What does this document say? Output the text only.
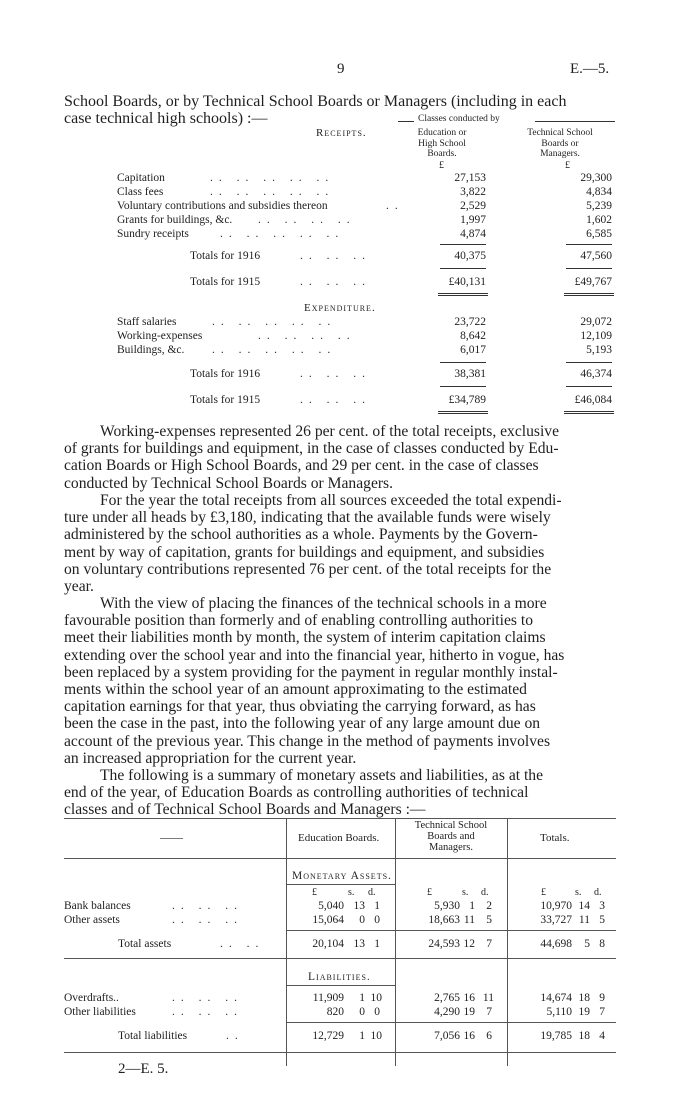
9	E.—5.
School Boards, or by Technical School Boards or Managers (including in each
case technical high schools) :—
Receipts.
Classes conducted by
Education or
High School
Boards.
Technical School
Boards or
Managers.
£	£
Capitation	.. .. .. .. ..	27,153	29,300
Class fees	.. .. .. .. ..	3,822	4,834
Voluntary contributions and subsidies thereon	..	2,529	5,239
Grants for buildings, &c. .. .. .. ..	1,997	1,602
Sundry receipts	.. .. .. .. ..	4,874	6,585
Totals for 1916	.. .. ..	40,375	47,560
Totals for 1915	.. .. ..	£40,131	£49,767
Expenditure.
Staff salaries	.. .. .. .. ..	23,722	29,072
Working-expenses	.. .. .. ..	8,642	12,109
Buildings, &c. .. .. .. .. ..	6,017	5,193
Totals for 1916	.. .. ..	38,381	46,374
Totals for 1915	.. .. ..	£34,789	£46,084
Working-expenses represented 26 per cent. of the total receipts, exclusive
of grants for buildings and equipment, in the case of classes conducted by Edu-
cation Boards or High School Boards, and 29 per cent. in the case of classes
conducted by Technical School Boards or Managers.
For the year the total receipts from all sources exceeded the total expendi-
ture under all heads by £3,180, indicating that the available funds were wisely
administered by the school authorities as a whole. Payments by the Govern-
ment by way of capitation, grants for buildings and equipment, and subsidies
on voluntary contributions represented 76 per cent. of the total receipts for the
year.
With the view of placing the finances of the technical schools in a more
favourable position than formerly and of enabling controlling authorities to
meet their liabilities month by month, the system of interim capitation claims
extending over the school year and into the financial year, hitherto in vogue, has
been replaced by a system providing for the payment in regular monthly instal-
ments within the school year of an amount approximating to the estimated
capitation earnings for that year, thus obviating the carrying forward, as has
been the case in the past, into the following year of any large amount due on
account of the previous year. This change in the method of payments involves
an increased appropriation for the current year.
The following is a summary of monetary assets and liabilities, as at the
end of the year, of Education Boards as controlling authorities of technical
classes and of Technical School Boards and Managers :—
——	Education Boards.
Technical School
Boards and
Managers.
Totals.
Monetary Assets.
£	s. d.	£	s. d.	£	s. d.
Bank balances	.. .. ..	5,040 13 1	5,930 1 2	10,970 14 3
Other assets	.. .. ..	15,064 0 0	18,663 11 5	33,727 11 5
Total assets	.. ..	20,104 13 1	24,593 12 7	44,698 5 8
Liabilities.
Overdrafts..	.. .. ..	11,909 1 10	2,765 16 11	14,674 18 9
Other liabilities	.. .. ..	820 0 0	4,290 19 7	5,110 19 7
Total liabilities	..	12,729 1 10	7,056 16 6	19,785 18 4
2—E. 5.
